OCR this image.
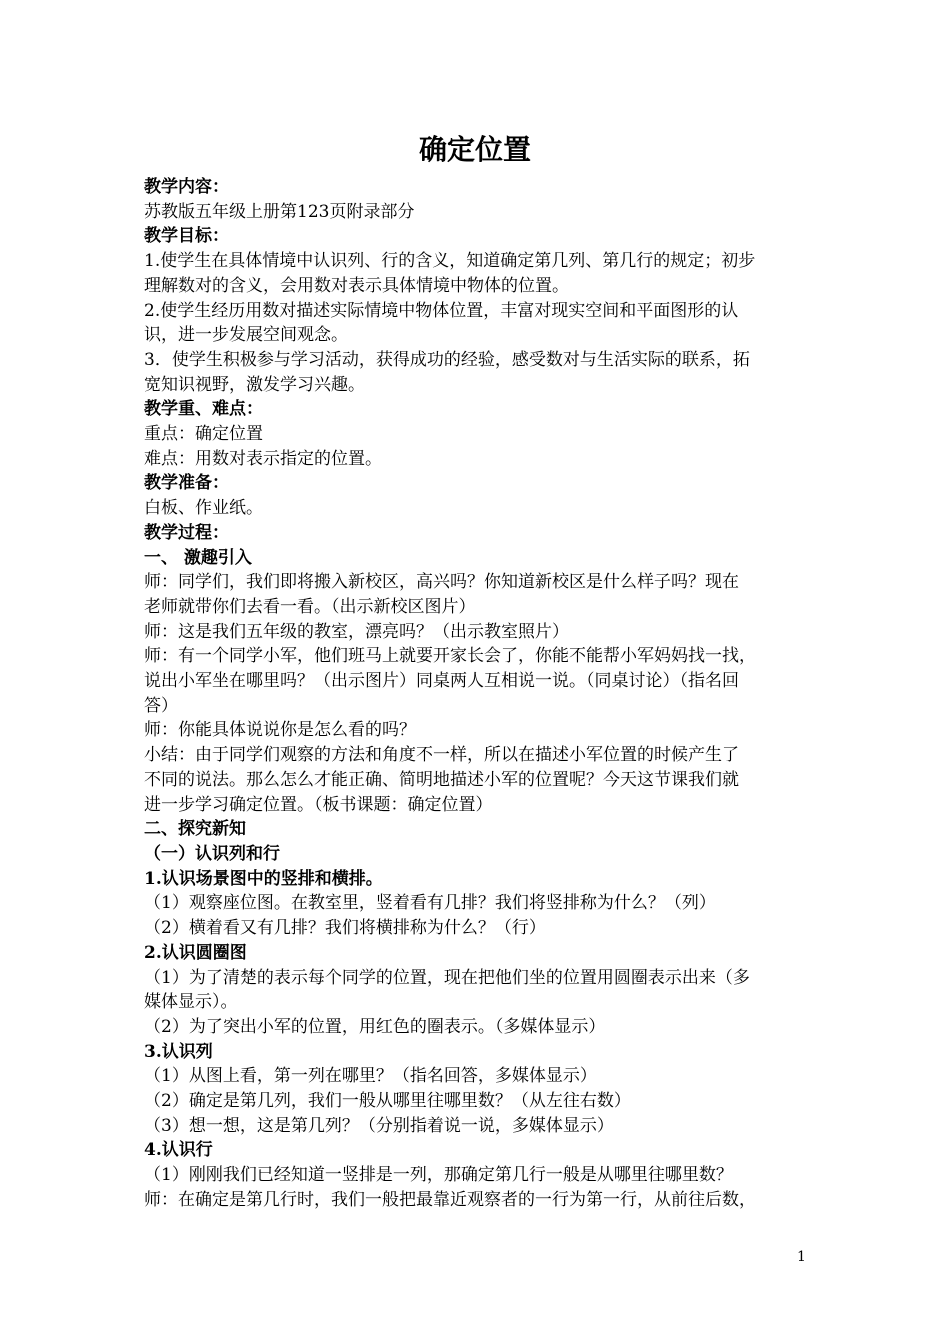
确定位置
教学内容：
苏教版五年级上册第123页附录部分
教学目标：
1.使学生在具体情境中认识列、行的含义，知道确定第几列、第几行的规定；初步
理解数对的含义，会用数对表示具体情境中物体的位置。
2.使学生经历用数对描述实际情境中物体位置，丰富对现实空间和平面图形的认
识，进一步发展空间观念。
3．使学生积极参与学习活动，获得成功的经验，感受数对与生活实际的联系，拓
宽知识视野，激发学习兴趣。
教学重、难点：
重点：确定位置
难点：用数对表示指定的位置。
教学准备：
白板、作业纸。
教学过程：
一、 激趣引入
师：同学们，我们即将搬入新校区，高兴吗？你知道新校区是什么样子吗？现在
老师就带你们去看一看。（出示新校区图片）
师：这是我们五年级的教室，漂亮吗？（出示教室照片）
师：有一个同学小军，他们班马上就要开家长会了，你能不能帮小军妈妈找一找，
说出小军坐在哪里吗？（出示图片）同桌两人互相说一说。（同桌讨论）（指名回
答）
师：你能具体说说你是怎么看的吗？
小结：由于同学们观察的方法和角度不一样，所以在描述小军位置的时候产生了
不同的说法。那么怎么才能正确、简明地描述小军的位置呢？今天这节课我们就
进一步学习确定位置。（板书课题：确定位置）
二、探究新知
（一）认识列和行
1.认识场景图中的竖排和横排。
（1）观察座位图。在教室里，竖着看有几排？我们将竖排称为什么？（列）
（2）横着看又有几排？我们将横排称为什么？（行）
2.认识圆圈图
（1）为了清楚的表示每个同学的位置，现在把他们坐的位置用圆圈表示出来（多
媒体显示）。
（2）为了突出小军的位置，用红色的圈表示。（多媒体显示）
3.认识列
（1）从图上看，第一列在哪里？（指名回答，多媒体显示）
（2）确定是第几列，我们一般从哪里往哪里数？（从左往右数）
（3）想一想，这是第几列？（分别指着说一说，多媒体显示）
4.认识行
（1）刚刚我们已经知道一竖排是一列，那确定第几行一般是从哪里往哪里数？
师：在确定是第几行时，我们一般把最靠近观察者的一行为第一行，从前往后数，
1
